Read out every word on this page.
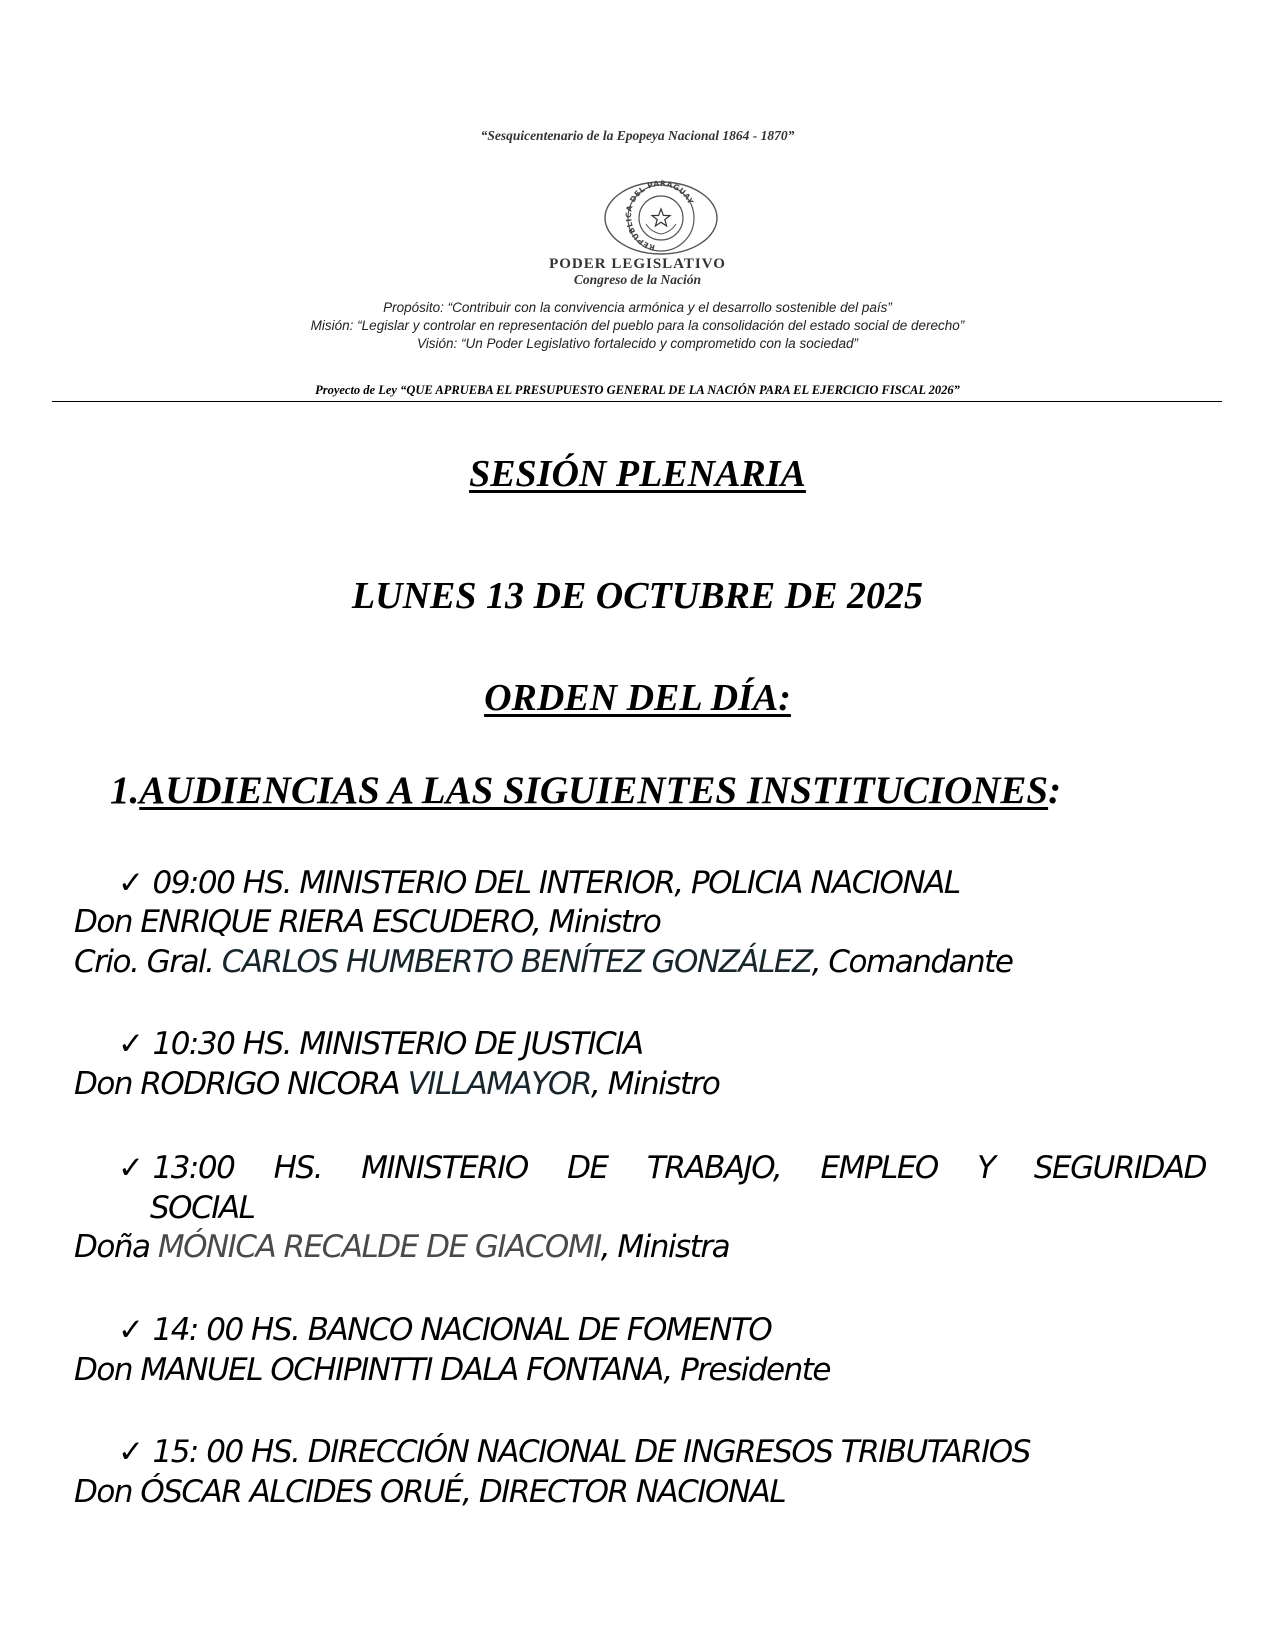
“Sesquicentenario de la Epopeya Nacional 1864 - 1870”
REPUBLICA DEL PARAGUAY
PODER LEGISLATIVO
Congreso de la Nación
Propósito: “Contribuir con la convivencia armónica y el desarrollo sostenible del país”
Misión: “Legislar y controlar en representación del pueblo para la consolidación del estado social de derecho”
Visión: “Un Poder Legislativo fortalecido y comprometido con la sociedad”
Proyecto de Ley “QUE APRUEBA EL PRESUPUESTO GENERAL DE LA NACIÓN PARA EL EJERCICIO FISCAL 2026”
SESIÓN PLENARIA
LUNES 13 DE OCTUBRE DE 2025
ORDEN DEL DÍA:
1.AUDIENCIAS A LAS SIGUIENTES INSTITUCIONES:
✓ 09:00 HS. MINISTERIO DEL INTERIOR, POLICIA NACIONAL
Don ENRIQUE RIERA ESCUDERO, Ministro
Crio. Gral. CARLOS HUMBERTO BENÍTEZ GONZÁLEZ, Comandante
✓ 10:30 HS. MINISTERIO DE JUSTICIA
Don RODRIGO NICORA VILLAMAYOR, Ministro
✓ 13:00 HS. MINISTERIO DE TRABAJO, EMPLEO Y SEGURIDAD
SOCIAL
Doña MÓNICA RECALDE DE GIACOMI, Ministra
✓ 14: 00 HS. BANCO NACIONAL DE FOMENTO
Don MANUEL OCHIPINTTI DALA FONTANA, Presidente
✓ 15: 00 HS. DIRECCIÓN NACIONAL DE INGRESOS TRIBUTARIOS
Don ÓSCAR ALCIDES ORUÉ, DIRECTOR NACIONAL
